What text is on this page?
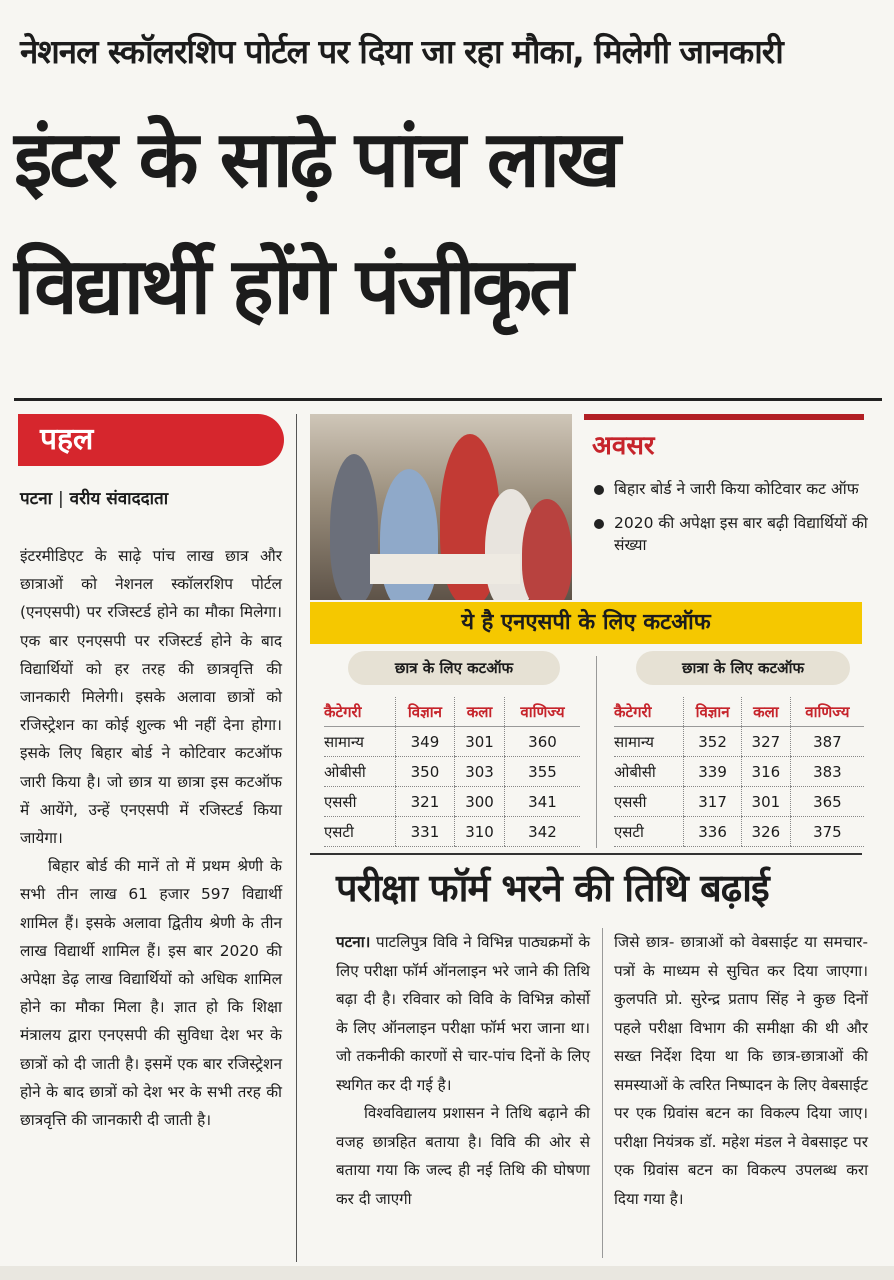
नेशनल स्कॉलरशिप पोर्टल पर दिया जा रहा मौका, मिलेगी जानकारी
इंटर के साढ़े पांच लाख
विद्यार्थी होंगे पंजीकृत
पहल
पटना | वरीय संवाददाता

इंटरमीडिएट के साढ़े पांच लाख छात्र और छात्राओं को नेशनल स्कॉलरशिप पोर्टल (एनएसपी) पर रजिस्टर्ड होने का मौका मिलेगा। एक बार एनएसपी पर रजिस्टर्ड होने के बाद विद्यार्थियों को हर तरह की छात्रवृत्ति की जानकारी मिलेगी। इसके अलावा छात्रों को रजिस्ट्रेशन का कोई शुल्क भी नहीं देना होगा। इसके लिए बिहार बोर्ड ने कोटिवार कटऑफ जारी किया है। जो छात्र या छात्रा इस कटऑफ में आयेंगे, उन्हें एनएसपी में रजिस्टर्ड किया जायेगा।

बिहार बोर्ड की मानें तो में प्रथम श्रेणी के सभी तीन लाख 61 हजार 597 विद्यार्थी शामिल हैं। इसके अलावा द्वितीय श्रेणी के तीन लाख विद्यार्थी शामिल हैं। इस बार 2020 की अपेक्षा डेढ़ लाख विद्यार्थियों को अधिक शामिल होने का मौका मिला है। ज्ञात हो कि शिक्षा मंत्रालय द्वारा एनएसपी की सुविधा देश भर के छात्रों को दी जाती है। इसमें एक बार रजिस्ट्रेशन होने के बाद छात्रों को देश भर के सभी तरह की छात्रवृत्ति की जानकारी दी जाती है।

अवसर
बिहार बोर्ड ने जारी किया कोटिवार कट ऑफ
2020 की अपेक्षा इस बार बढ़ी विद्यार्थियों की संख्या
ये है एनएसपी के लिए कटऑफ
छात्र के लिए कटऑफ	छात्रा के लिए कटऑफ
कैटेगरी	विज्ञान	कला	वाणिज्य
सामान्य	349	301	360
ओबीसी	350	303	355
एससी	321	300	341
एसटी	331	310	342
कैटेगरी	विज्ञान	कला	वाणिज्य
सामान्य	352	327	387
ओबीसी	339	316	383
एससी	317	301	365
एसटी	336	326	375
परीक्षा फॉर्म भरने की तिथि बढ़ाई

पटना। पाटलिपुत्र विवि ने विभिन्न पाठ्यक्रमों के लिए परीक्षा फॉर्म ऑनलाइन भरे जाने की तिथि बढ़ा दी है। रविवार को विवि के विभिन्न कोर्सो के लिए ऑनलाइन परीक्षा फॉर्म भरा जाना था। जो तकनीकी कारणों से चार-पांच दिनों के लिए स्थगित कर दी गई है।

विश्वविद्यालय प्रशासन ने तिथि बढ़ाने की वजह छात्रहित बताया है। विवि की ओर से बताया गया कि जल्द ही नई तिथि की घोषणा कर दी जाएगी

जिसे छात्र- छात्राओं को वेबसाईट या समचार- पत्रों के माध्यम से सुचित कर दिया जाएगा। कुलपति प्रो. सुरेन्द्र प्रताप सिंह ने कुछ दिनों पहले परीक्षा विभाग की समीक्षा की थी और सख्त निर्देश दिया था कि छात्र-छात्राओं की समस्याओं के त्वरित निष्पादन के लिए वेबसाईट पर एक ग्रिवांस बटन का विकल्प दिया जाए। परीक्षा नियंत्रक डॉ. महेश मंडल ने वेबसाइट पर एक ग्रिवांस बटन का विकल्प उपलब्ध करा दिया गया है।
